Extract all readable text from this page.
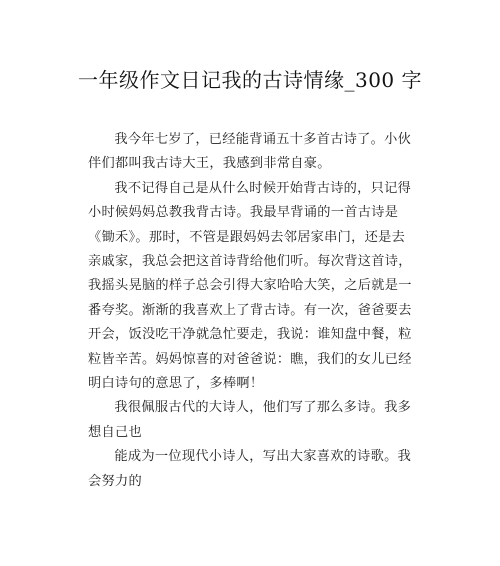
一年级作文日记我的古诗情缘_300 字
我今年七岁了，已经能背诵五十多首古诗了。小伙
伴们都叫我古诗大王，我感到非常自豪。
我不记得自己是从什么时候开始背古诗的，只记得
小时候妈妈总教我背古诗。我最早背诵的一首古诗是
《锄禾》。那时，不管是跟妈妈去邻居家串门，还是去
亲戚家，我总会把这首诗背给他们听。每次背这首诗，
我摇头晃脑的样子总会引得大家哈哈大笑，之后就是一
番夸奖。渐渐的我喜欢上了背古诗。有一次，爸爸要去
开会，饭没吃干净就急忙要走，我说：谁知盘中餐，粒
粒皆辛苦。妈妈惊喜的对爸爸说：瞧，我们的女儿已经
明白诗句的意思了，多棒啊！
我很佩服古代的大诗人，他们写了那么多诗。我多
想自己也
能成为一位现代小诗人，写出大家喜欢的诗歌。我
会努力的
